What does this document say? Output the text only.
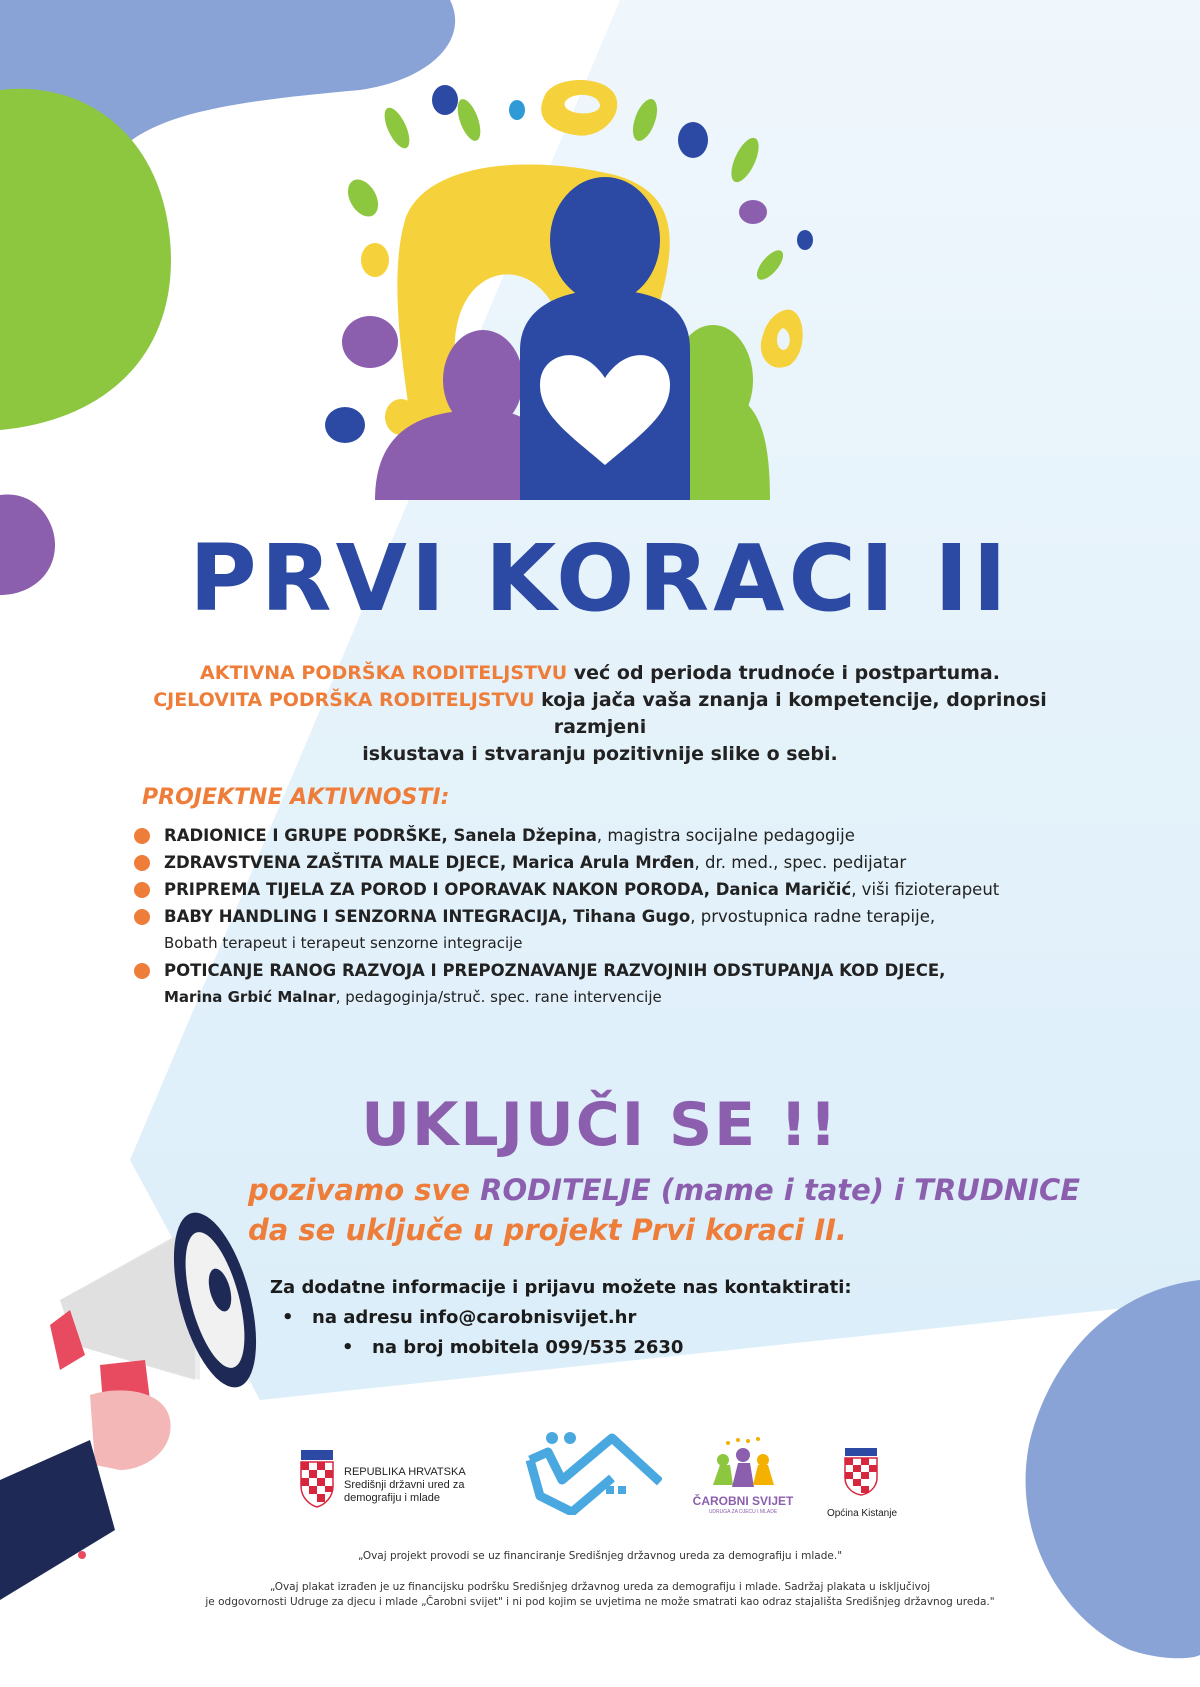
PRVI KORACI II
AKTIVNA PODRŠKA RODITELJSTVU već od perioda trudnoće i postpartuma.
CJELOVITA PODRŠKA RODITELJSTVU koja jača vaša znanja i kompetencije, doprinosi razmjeni
iskustava i stvaranju pozitivnije slike o sebi.
PROJEKTNE AKTIVNOSTI:
RADIONICE I GRUPE PODRŠKE, Sanela Džepina, magistra socijalne pedagogije
ZDRAVSTVENA ZAŠTITA MALE DJECE, Marica Arula Mrđen, dr. med., spec. pedijatar
PRIPREMA TIJELA ZA POROD I OPORAVAK NAKON PORODA, Danica Maričić, viši fizioterapeut
BABY HANDLING I SENZORNA INTEGRACIJA, Tihana Gugo, prvostupnica radne terapije,
Bobath terapeut i terapeut senzorne integracije
POTICANJE RANOG RAZVOJA I PREPOZNAVANJE RAZVOJNIH ODSTUPANJA KOD DJECE,
Marina Grbić Malnar, pedagoginja/struč. spec. rane intervencije
UKLJUČI SE !!
pozivamo sve RODITELJE (mame i tate) i TRUDNICE
da se uključe u projekt Prvi koraci II.
Za dodatne informacije i prijavu možete nas kontaktirati:
• na adresu info@carobnisvijet.hr
• na broj mobitela 099/535 2630
REPUBLIKA HRVATSKA
Središnji državni ured za
demografiju i mlade	ČAROBNI SVIJET
UDRUGA ZA DJECU I MLADE	Općina Kistanje
„Ovaj projekt provodi se uz financiranje Središnjeg državnog ureda za demografiju i mlade."
„Ovaj plakat izrađen je uz financijsku podršku Središnjeg državnog ureda za demografiju i mlade. Sadržaj plakata u isključivoj
je odgovornosti Udruge za djecu i mlade „Čarobni svijet" i ni pod kojim se uvjetima ne može smatrati kao odraz stajališta Središnjeg državnog ureda."
